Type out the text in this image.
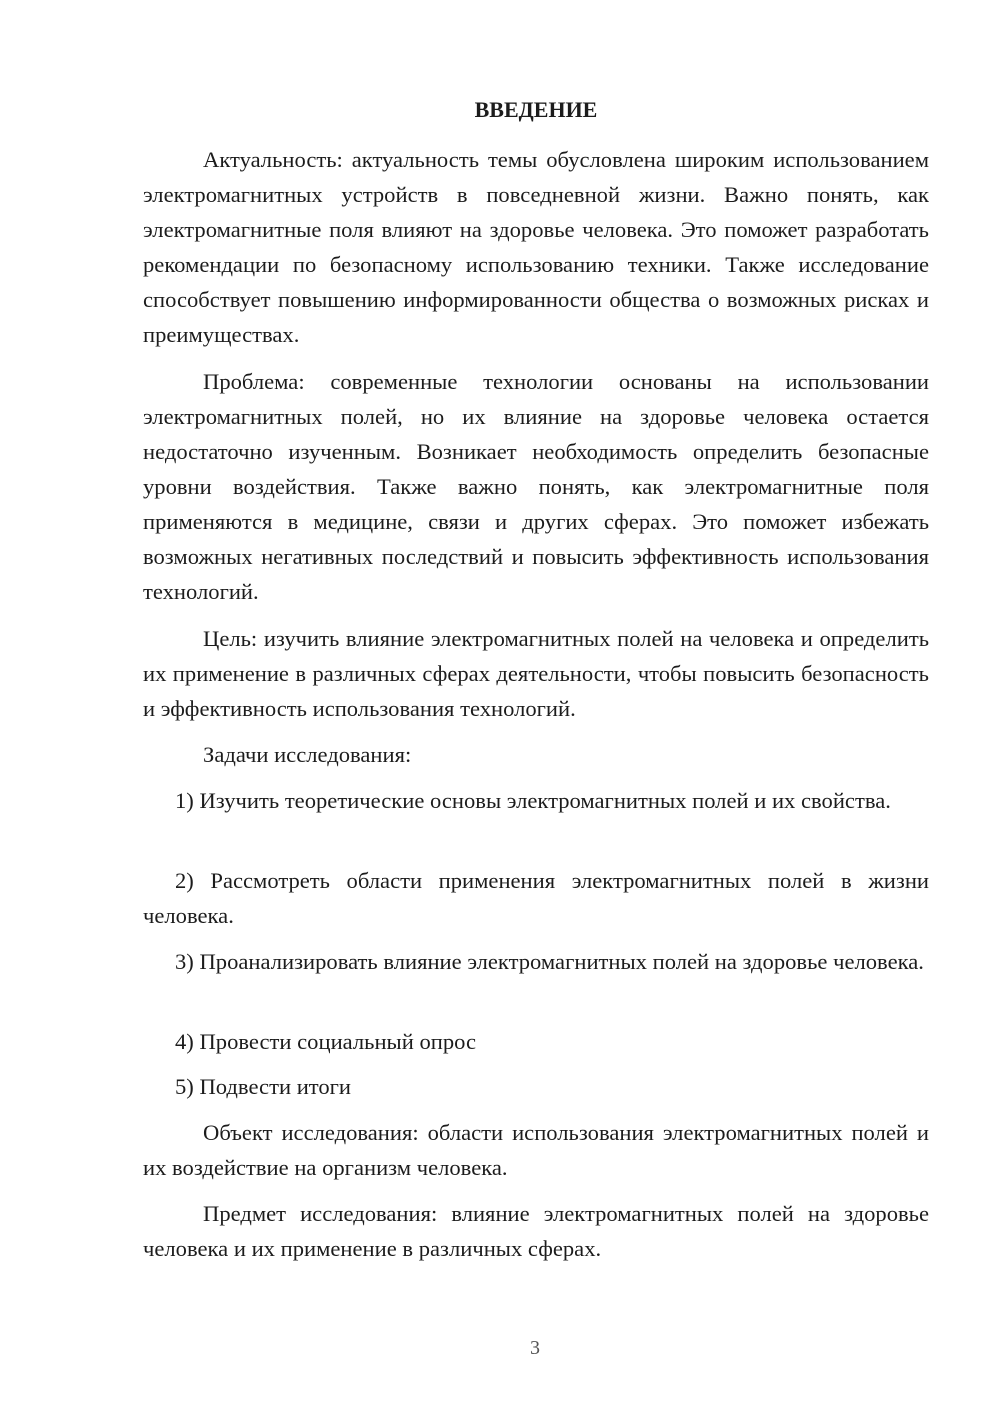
ВВЕДЕНИЕ

Актуальность: актуальность темы обусловлена широким использованием электромагнитных устройств в повседневной жизни. Важно понять, как электромагнитные поля влияют на здоровье человека. Это поможет разработать рекомендации по безопасному использованию техники. Также исследование способствует повышению информированности общества о возможных рисках и преимуществах.

Проблема: современные технологии основаны на использовании электромагнитных полей, но их влияние на здоровье человека остается недостаточно изученным. Возникает необходимость определить безопасные уровни воздействия. Также важно понять, как электромагнитные поля применяются в медицине, связи и других сферах. Это поможет избежать возможных негативных последствий и повысить эффективность использования технологий.

Цель: изучить влияние электромагнитных полей на человека и определить их применение в различных сферах деятельности, чтобы повысить безопасность и эффективность использования технологий.

Задачи исследования:

1) Изучить теоретические основы электромагнитных полей и их свойства.

2) Рассмотреть области применения электромагнитных полей в жизни человека.

3) Проанализировать влияние электромагнитных полей на здоровье человека.

4) Провести социальный опрос

5) Подвести итоги

Объект исследования: области использования электромагнитных полей и их воздействие на организм человека.

Предмет исследования: влияние электромагнитных полей на здоровье человека и их применение в различных сферах.

3
